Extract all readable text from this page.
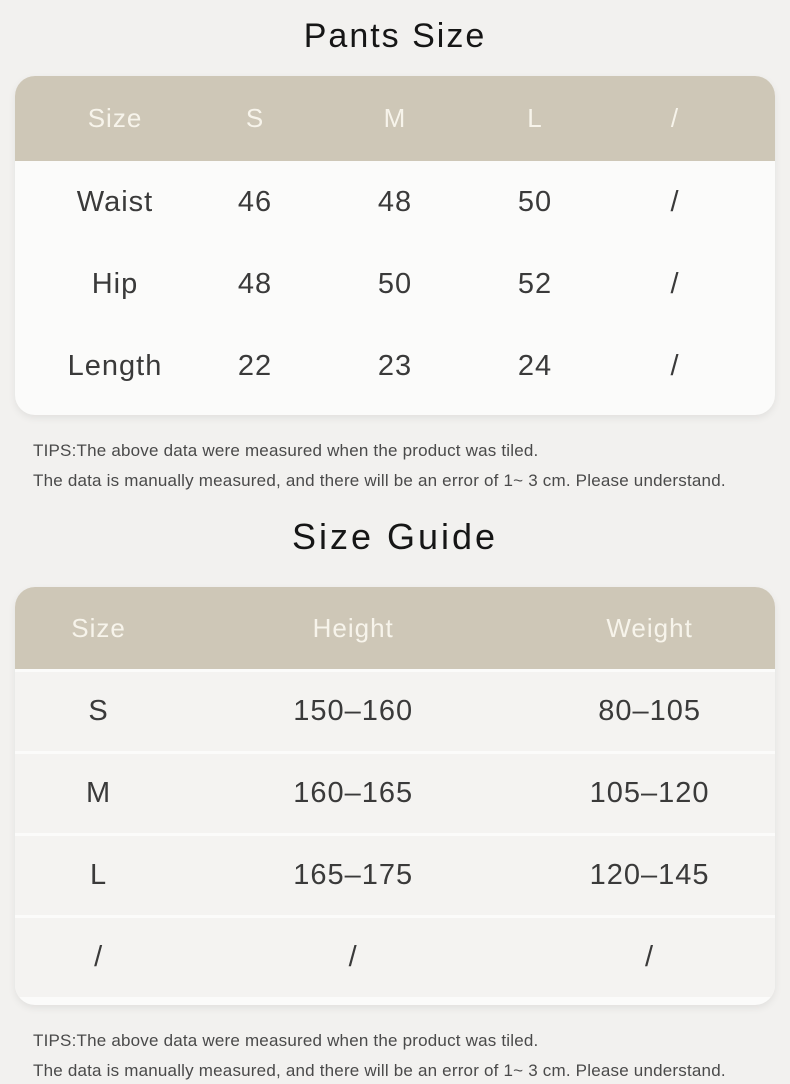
Pants Size
Size	S	M	L	/
Waist	46	48	50	/
Hip	48	50	52	/
Length	22	23	24	/

TIPS:The above data were measured when the product was tiled.

The data is manually measured, and there will be an error of 1~ 3 cm. Please understand.

Size Guide
Size	Height	Weight
S	150–160	80–105
M	160–165	105–120
L	165–175	120–145
/	/	/

TIPS:The above data were measured when the product was tiled.

The data is manually measured, and there will be an error of 1~ 3 cm. Please understand.
